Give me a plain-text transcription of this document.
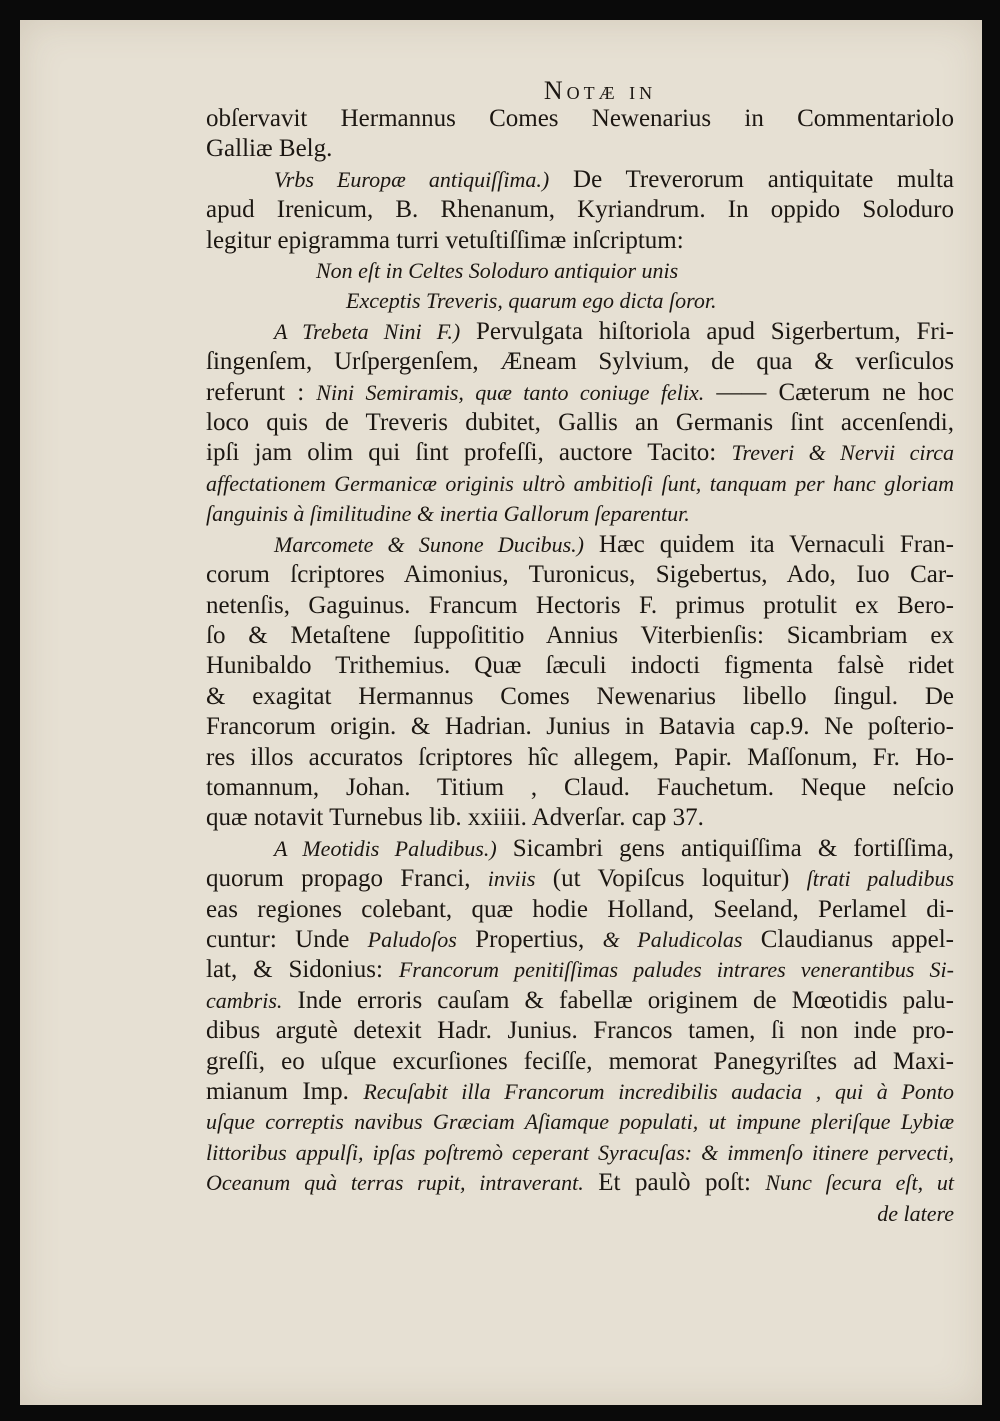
Notæ in
obſervavit Hermannus Comes Newenarius in Commentariolo
Galliæ Belg.
Vrbs Europæ antiquiſſima.) De Treverorum antiquitate multa
apud Irenicum, B. Rhenanum, Kyriandrum. In oppido Soloduro
legitur epigramma turri vetuſtiſſimæ inſcriptum:
Non eſt in Celtes Soloduro antiquior unis
Exceptis Treveris, quarum ego dicta ſoror.
A Trebeta Nini F.) Pervulgata hiſtoriola apud Sigerbertum, Fri-
ſingenſem, Urſpergenſem, Æneam Sylvium, de qua & verſiculos
referunt : Nini Semiramis, quæ tanto coniuge felix. —— Cæterum ne hoc
loco quis de Treveris dubitet, Gallis an Germanis ſint accenſendi,
ipſi jam olim qui ſint profeſſi, auctore Tacito: Treveri & Nervii circa
affectationem Germanicæ originis ultrò ambitioſi ſunt, tanquam per hanc gloriam
ſanguinis à ſimilitudine & inertia Gallorum ſeparentur.
Marcomete & Sunone Ducibus.) Hæc quidem ita Vernaculi Fran-
corum ſcriptores Aimonius, Turonicus, Sigebertus, Ado, Iuo Car-
netenſis, Gaguinus. Francum Hectoris F. primus protulit ex Bero-
ſo & Metaſtene ſuppoſititio Annius Viterbienſis: Sicambriam ex
Hunibaldo Trithemius. Quæ ſæculi indocti figmenta falsè ridet
& exagitat Hermannus Comes Newenarius libello ſingul. De
Francorum origin. & Hadrian. Junius in Batavia cap.9. Ne poſterio-
res illos accuratos ſcriptores hîc allegem, Papir. Maſſonum, Fr. Ho-
tomannum, Johan. Titium , Claud. Fauchetum. Neque neſcio
quæ notavit Turnebus lib. xxiiii. Adverſar. cap 37.
A Meotidis Paludibus.) Sicambri gens antiquiſſima & fortiſſima,
quorum propago Franci, inviis (ut Vopiſcus loquitur) ſtrati paludibus
eas regiones colebant, quæ hodie Holland, Seeland, Perlamel di-
cuntur: Unde Paludoſos Propertius, & Paludicolas Claudianus appel-
lat, & Sidonius: Francorum penitiſſimas paludes intrares venerantibus Si-
cambris. Inde erroris cauſam & fabellæ originem de Mœotidis palu-
dibus argutè detexit Hadr. Junius. Francos tamen, ſi non inde pro-
greſſi, eo uſque excurſiones feciſſe, memorat Panegyriſtes ad Maxi-
mianum Imp. Recuſabit illa Francorum incredibilis audacia , qui à Ponto
uſque correptis navibus Græciam Aſiamque populati, ut impune pleriſque Lybiæ
littoribus appulſi, ipſas poſtremò ceperant Syracuſas: & immenſo itinere pervecti,
Oceanum quà terras rupit, intraverant. Et paulò poſt: Nunc ſecura eſt, ut
de latere
